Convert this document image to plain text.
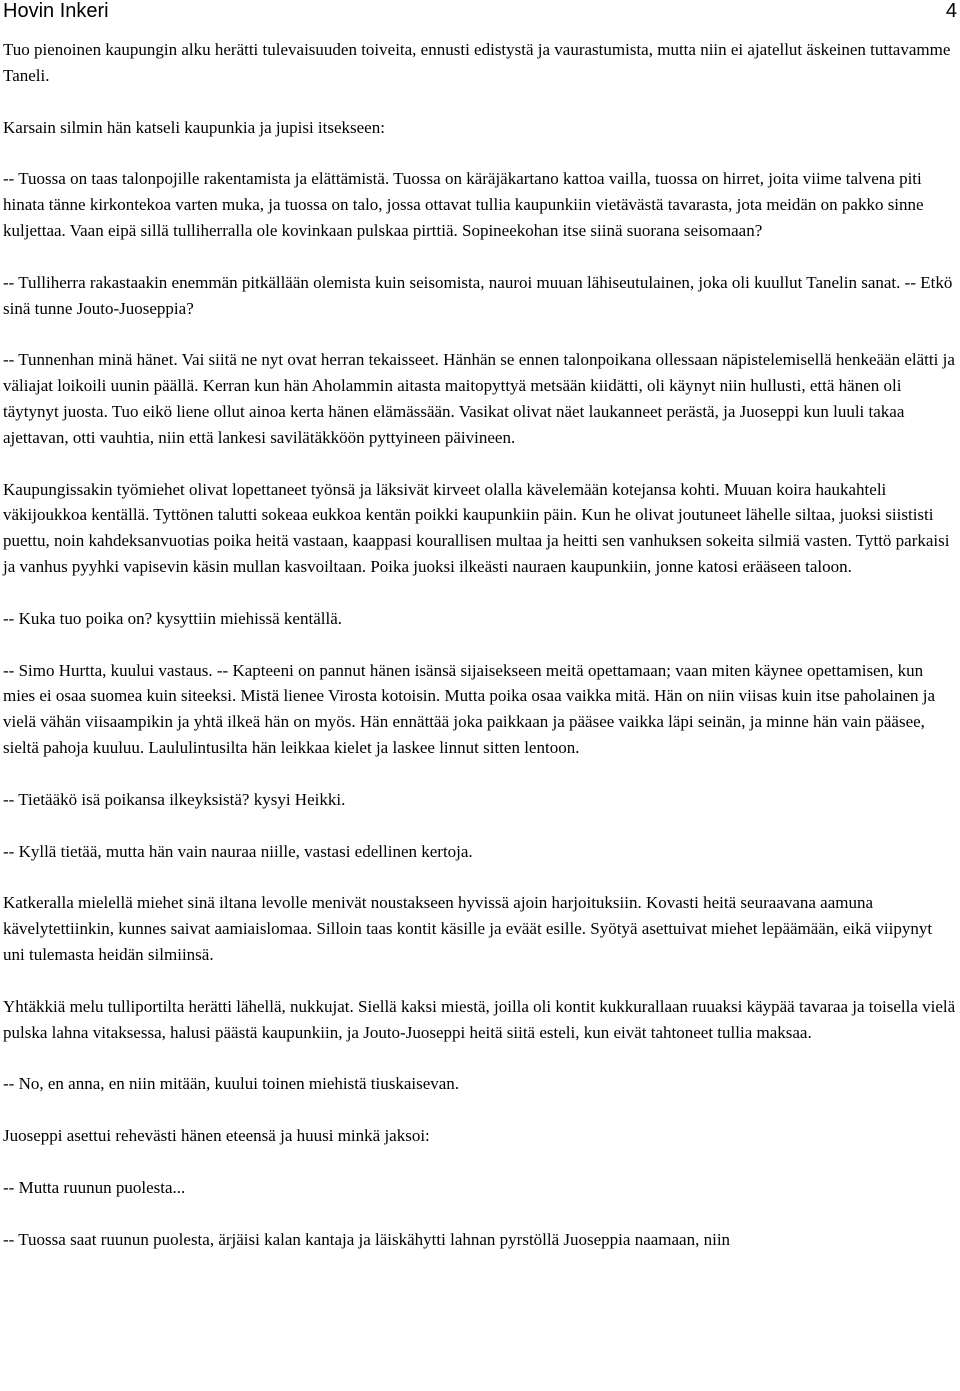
Hovin Inkeri	4

Tuo pienoinen kaupungin alku herätti tulevaisuuden toiveita, ennusti edistystä ja vaurastumista, mutta niin ei ajatellut äskeinen tuttavamme Taneli.

Karsain silmin hän katseli kaupunkia ja jupisi itsekseen:

-- Tuossa on taas talonpojille rakentamista ja elättämistä. Tuossa on käräjäkartano kattoa vailla, tuossa on hirret, joita viime talvena piti hinata tänne kirkontekoa varten muka, ja tuossa on talo, jossa ottavat tullia kaupunkiin vietävästä tavarasta, jota meidän on pakko sinne kuljettaa. Vaan eipä sillä tulliherralla ole kovinkaan pulskaa pirttiä. Sopineekohan itse siinä suorana seisomaan?

-- Tulliherra rakastaakin enemmän pitkällään olemista kuin seisomista, nauroi muuan lähiseutulainen, joka oli kuullut Tanelin sanat. -- Etkö sinä tunne Jouto-Juoseppia?

-- Tunnenhan minä hänet. Vai siitä ne nyt ovat herran tekaisseet. Hänhän se ennen talonpoikana ollessaan näpistelemisellä henkeään elätti ja väliajat loikoili uunin päällä. Kerran kun hän Aholammin aitasta maitopyttyä metsään kiidätti, oli käynyt niin hullusti, että hänen oli täytynyt juosta. Tuo eikö liene ollut ainoa kerta hänen elämässään. Vasikat olivat näet laukanneet perästä, ja Juoseppi kun luuli takaa ajettavan, otti vauhtia, niin että lankesi savilätäkköön pyttyineen päivineen.

Kaupungissakin työmiehet olivat lopettaneet työnsä ja läksivät kirveet olalla kävelemään kotejansa kohti. Muuan koira haukahteli väkijoukkoa kentällä. Tyttönen talutti sokeaa eukkoa kentän poikki kaupunkiin päin. Kun he olivat joutuneet lähelle siltaa, juoksi siististi puettu, noin kahdeksanvuotias poika heitä vastaan, kaappasi kourallisen multaa ja heitti sen vanhuksen sokeita silmiä vasten. Tyttö parkaisi ja vanhus pyyhki vapisevin käsin mullan kasvoiltaan. Poika juoksi ilkeästi nauraen kaupunkiin, jonne katosi erääseen taloon.

-- Kuka tuo poika on? kysyttiin miehissä kentällä.

-- Simo Hurtta, kuului vastaus. -- Kapteeni on pannut hänen isänsä sijaisekseen meitä opettamaan; vaan miten käynee opettamisen, kun mies ei osaa suomea kuin siteeksi. Mistä lienee Virosta kotoisin. Mutta poika osaa vaikka mitä. Hän on niin viisas kuin itse paholainen ja vielä vähän viisaampikin ja yhtä ilkeä hän on myös. Hän ennättää joka paikkaan ja pääsee vaikka läpi seinän, ja minne hän vain pääsee, sieltä pahoja kuuluu. Laululintusilta hän leikkaa kielet ja laskee linnut sitten lentoon.

-- Tietääkö isä poikansa ilkeyksistä? kysyi Heikki.

-- Kyllä tietää, mutta hän vain nauraa niille, vastasi edellinen kertoja.

Katkeralla mielellä miehet sinä iltana levolle menivät noustakseen hyvissä ajoin harjoituksiin. Kovasti heitä seuraavana aamuna kävelytettiinkin, kunnes saivat aamiaislomaa. Silloin taas kontit käsille ja eväät esille. Syötyä asettuivat miehet lepäämään, eikä viipynyt uni tulemasta heidän silmiinsä.

Yhtäkkiä melu tulliportilta herätti lähellä, nukkujat. Siellä kaksi miestä, joilla oli kontit kukkurallaan ruuaksi käypää tavaraa ja toisella vielä pulska lahna vitaksessa, halusi päästä kaupunkiin, ja Jouto-Juoseppi heitä siitä esteli, kun eivät tahtoneet tullia maksaa.

-- No, en anna, en niin mitään, kuului toinen miehistä tiuskaisevan.

Juoseppi asettui rehevästi hänen eteensä ja huusi minkä jaksoi:

-- Mutta ruunun puolesta...

-- Tuossa saat ruunun puolesta, ärjäisi kalan kantaja ja läiskähytti lahnan pyrstöllä Juoseppia naamaan, niin
